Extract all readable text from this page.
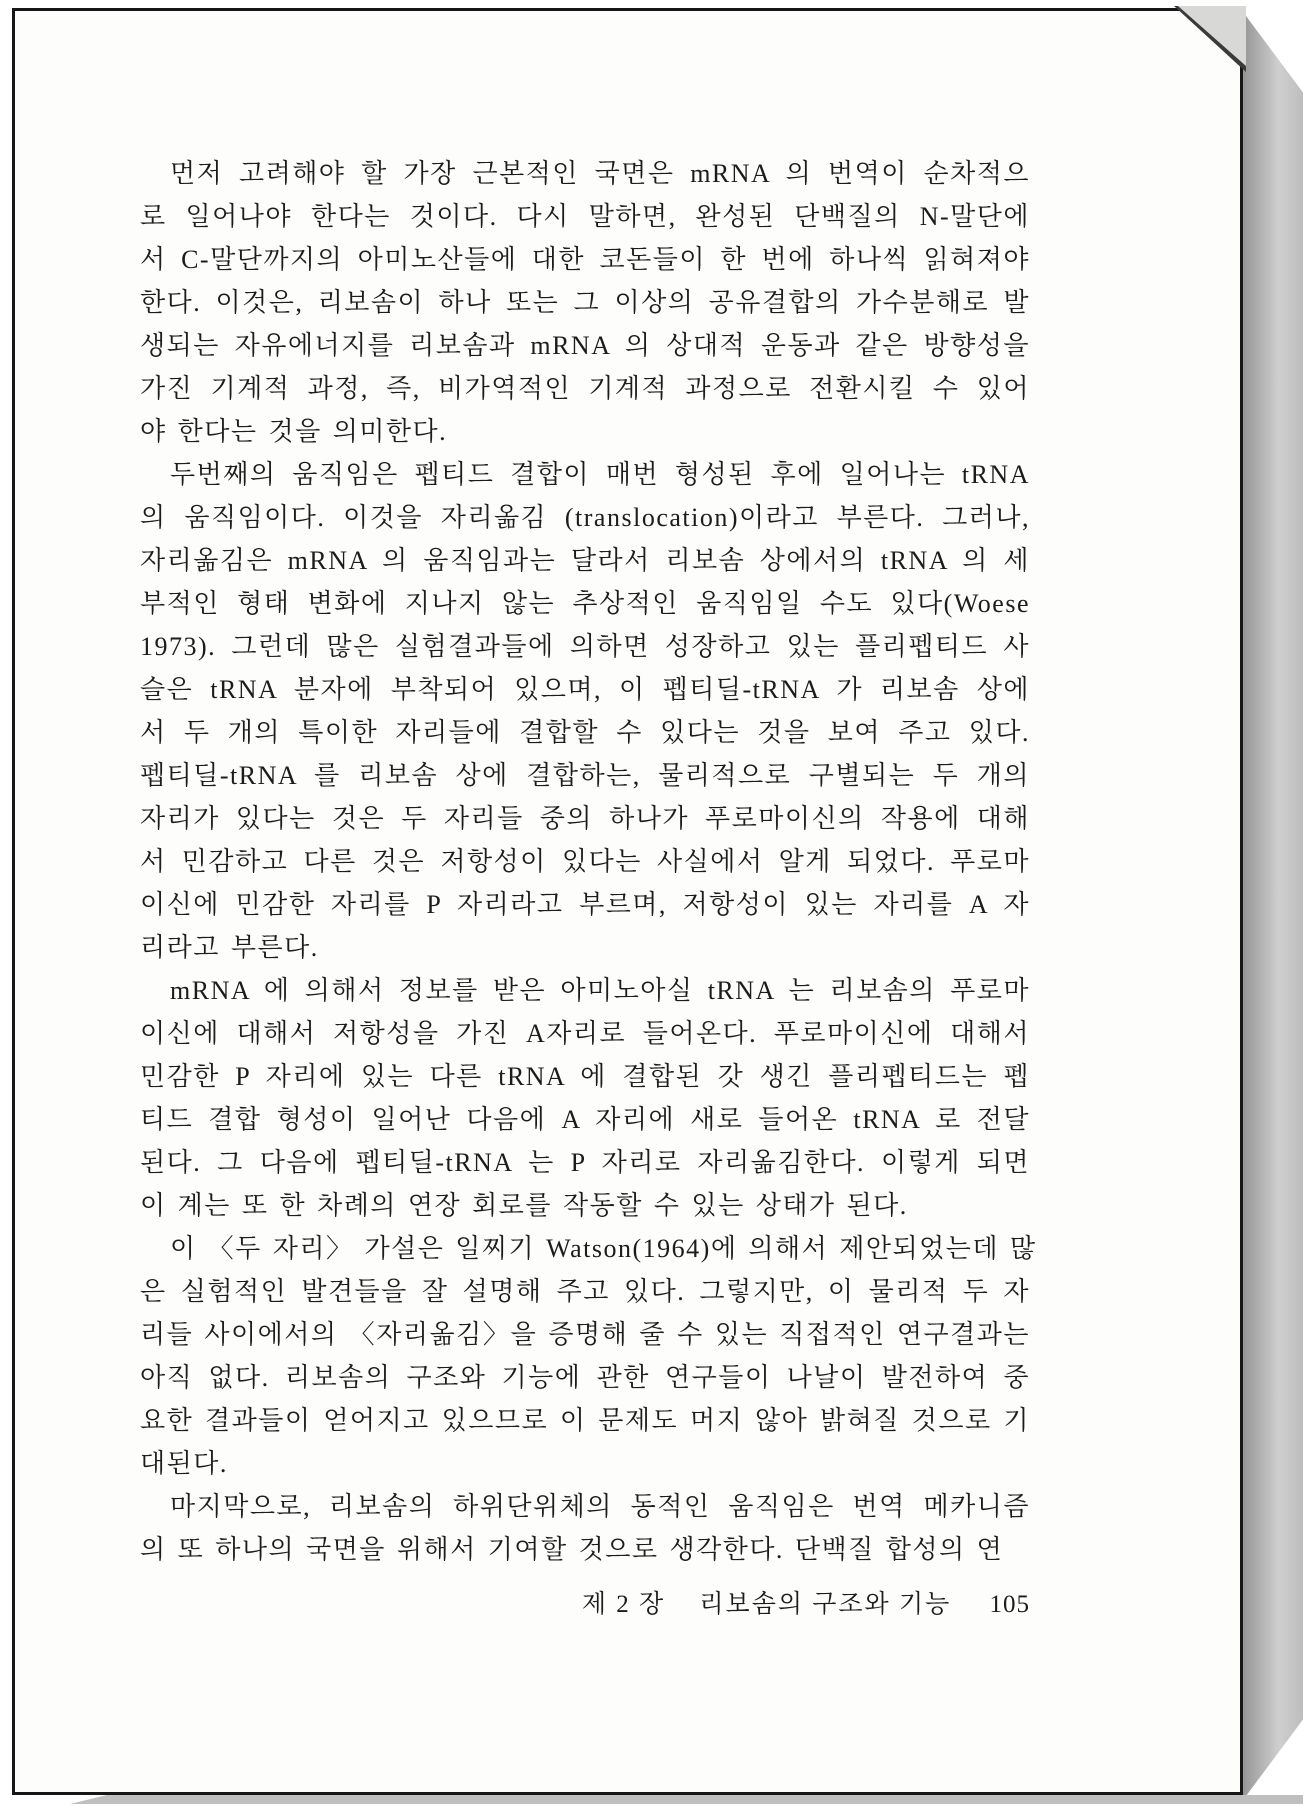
먼저 고려해야 할 가장 근본적인 국면은 mRNA 의 번역이 순차적으
로 일어나야 한다는 것이다. 다시 말하면, 완성된 단백질의 N-말단에
서 C-말단까지의 아미노산들에 대한 코돈들이 한 번에 하나씩 읽혀져야
한다. 이것은, 리보솜이 하나 또는 그 이상의 공유결합의 가수분해로 발
생되는 자유에너지를 리보솜과 mRNA 의 상대적 운동과 같은 방향성을
가진 기계적 과정, 즉, 비가역적인 기계적 과정으로 전환시킬 수 있어
야 한다는 것을 의미한다.
두번째의 움직임은 펩티드 결합이 매번 형성된 후에 일어나는 tRNA
의 움직임이다. 이것을 자리옮김 (translocation)이라고 부른다. 그러나,
자리옮김은 mRNA 의 움직임과는 달라서 리보솜 상에서의 tRNA 의 세
부적인 형태 변화에 지나지 않는 추상적인 움직임일 수도 있다(Woese
1973). 그런데 많은 실험결과들에 의하면 성장하고 있는 플리펩티드 사
슬은 tRNA 분자에 부착되어 있으며, 이 펩티딜-tRNA 가 리보솜 상에
서 두 개의 특이한 자리들에 결합할 수 있다는 것을 보여 주고 있다.
펩티딜-tRNA 를 리보솜 상에 결합하는, 물리적으로 구별되는 두 개의
자리가 있다는 것은 두 자리들 중의 하나가 푸로마이신의 작용에 대해
서 민감하고 다른 것은 저항성이 있다는 사실에서 알게 되었다. 푸로마
이신에 민감한 자리를 P 자리라고 부르며, 저항성이 있는 자리를 A 자
리라고 부른다.
mRNA 에 의해서 정보를 받은 아미노아실 tRNA 는 리보솜의 푸로마
이신에 대해서 저항성을 가진 A자리로 들어온다. 푸로마이신에 대해서
민감한 P 자리에 있는 다른 tRNA 에 결합된 갓 생긴 플리펩티드는 펩
티드 결합 형성이 일어난 다음에 A 자리에 새로 들어온 tRNA 로 전달
된다. 그 다음에 펩티딜-tRNA 는 P 자리로 자리옮김한다. 이렇게 되면
이 계는 또 한 차례의 연장 회로를 작동할 수 있는 상태가 된다.
이 〈두 자리〉 가설은 일찌기 Watson(1964)에 의해서 제안되었는데 많
은 실험적인 발견들을 잘 설명해 주고 있다. 그렇지만, 이 물리적 두 자
리들 사이에서의 〈자리옮김〉을 증명해 줄 수 있는 직접적인 연구결과는
아직 없다. 리보솜의 구조와 기능에 관한 연구들이 나날이 발전하여 중
요한 결과들이 얻어지고 있으므로 이 문제도 머지 않아 밝혀질 것으로 기
대된다.
마지막으로, 리보솜의 하위단위체의 동적인 움직임은 번역 메카니즘
의 또 하나의 국면을 위해서 기여할 것으로 생각한다. 단백질 합성의 연
제 2 장 리보솜의 구조와 기능 105
